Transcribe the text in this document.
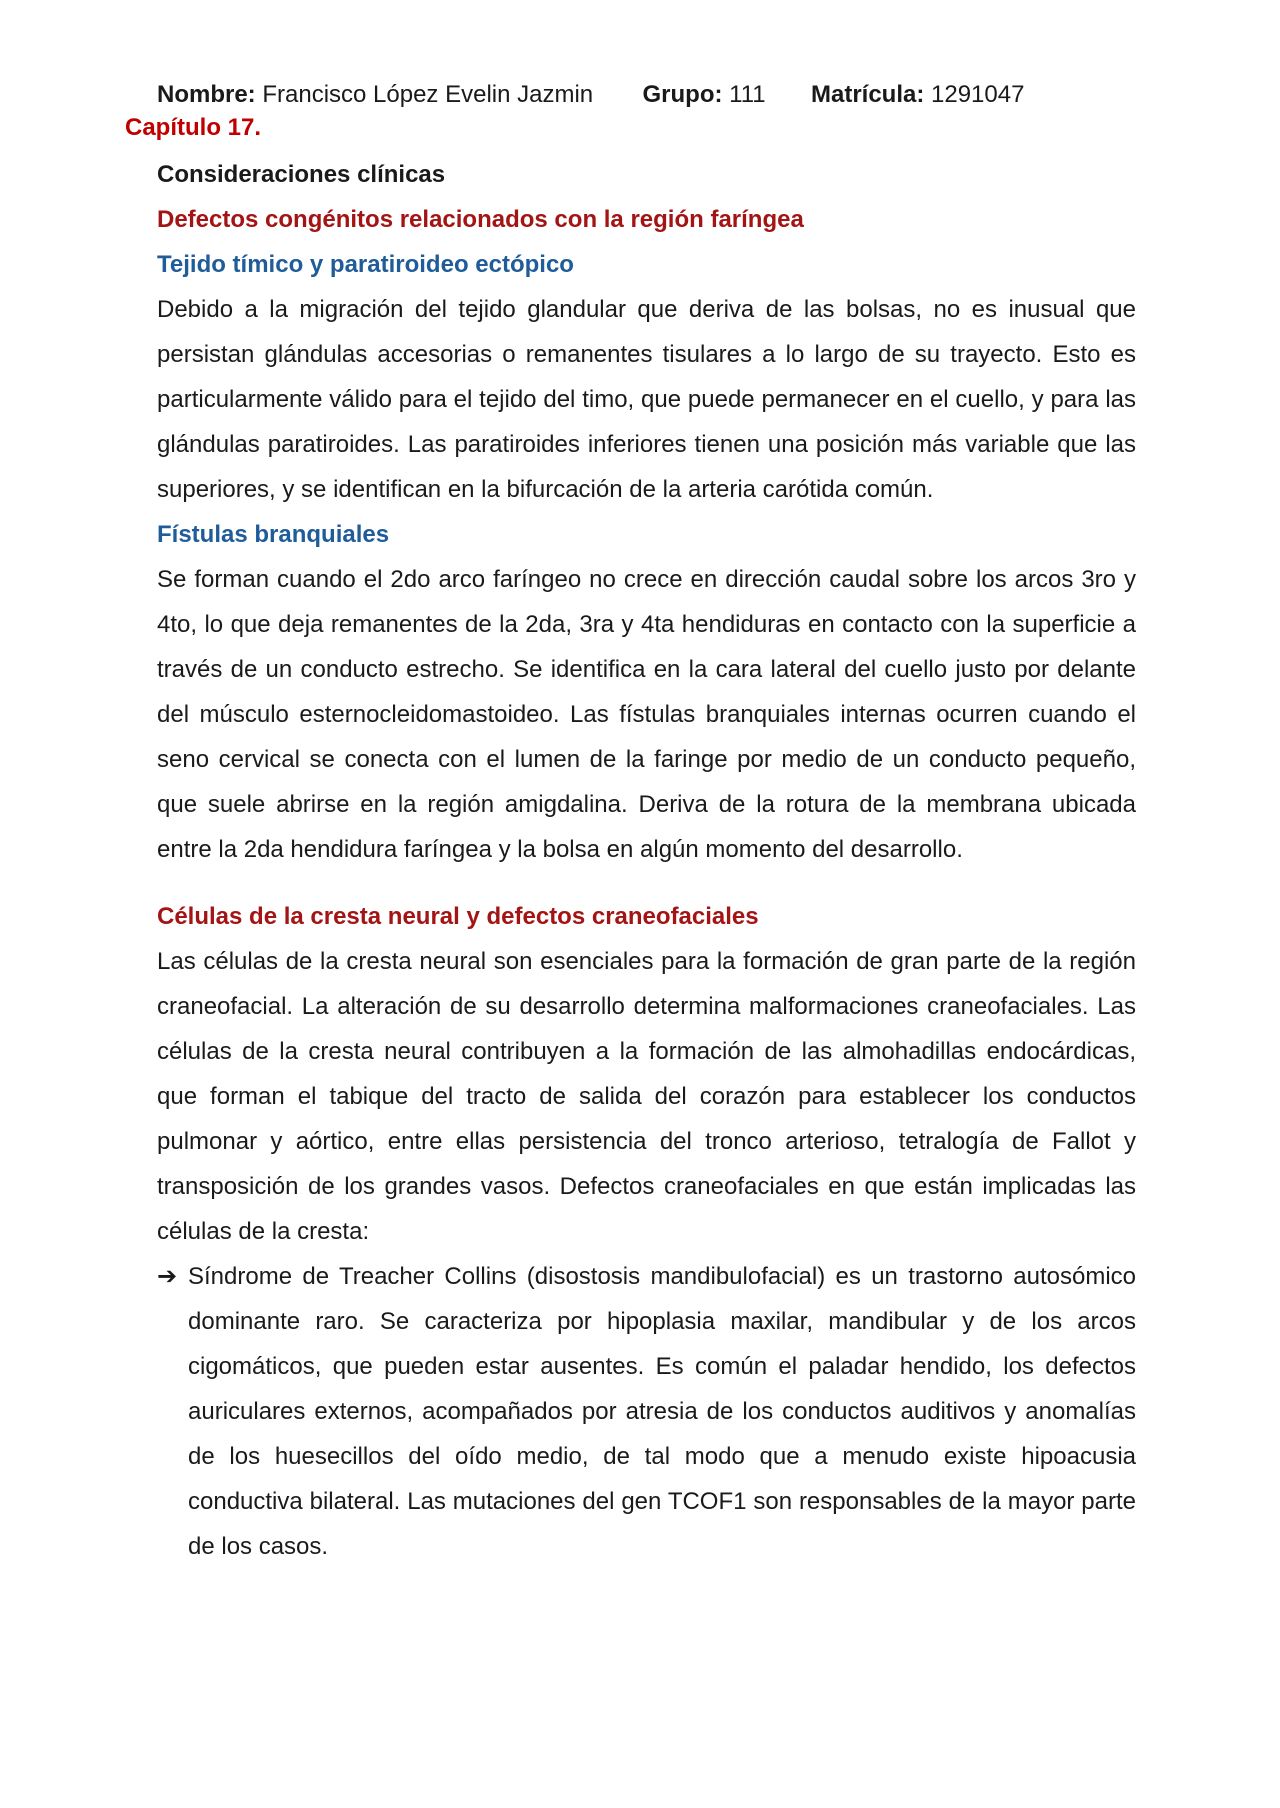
Nombre: Francisco López Evelin Jazmin Grupo: 111 Matrícula: 1291047
Capítulo 17.

Consideraciones clínicas

Defectos congénitos relacionados con la región faríngea

Tejido tímico y paratiroideo ectópico

Debido a la migración del tejido glandular que deriva de las bolsas, no es inusual que persistan glándulas accesorias o remanentes tisulares a lo largo de su trayecto. Esto es particularmente válido para el tejido del timo, que puede permanecer en el cuello, y para las glándulas paratiroides. Las paratiroides inferiores tienen una posición más variable que las superiores, y se identifican en la bifurcación de la arteria carótida común.

Fístulas branquiales

Se forman cuando el 2do arco faríngeo no crece en dirección caudal sobre los arcos 3ro y 4to, lo que deja remanentes de la 2da, 3ra y 4ta hendiduras en contacto con la superficie a través de un conducto estrecho. Se identifica en la cara lateral del cuello justo por delante del músculo esternocleidomastoideo. Las fístulas branquiales internas ocurren cuando el seno cervical se conecta con el lumen de la faringe por medio de un conducto pequeño, que suele abrirse en la región amigdalina. Deriva de la rotura de la membrana ubicada entre la 2da hendidura faríngea y la bolsa en algún momento del desarrollo.

Células de la cresta neural y defectos craneofaciales

Las células de la cresta neural son esenciales para la formación de gran parte de la región craneofacial. La alteración de su desarrollo determina malformaciones craneofaciales. Las células de la cresta neural contribuyen a la formación de las almohadillas endocárdicas, que forman el tabique del tracto de salida del corazón para establecer los conductos pulmonar y aórtico, entre ellas persistencia del tronco arterioso, tetralogía de Fallot y transposición de los grandes vasos. Defectos craneofaciales en que están implicadas las células de la cresta:

➔ Síndrome de Treacher Collins (disostosis mandibulofacial) es un trastorno autosómico dominante raro. Se caracteriza por hipoplasia maxilar, mandibular y de los arcos cigomáticos, que pueden estar ausentes. Es común el paladar hendido, los defectos auriculares externos, acompañados por atresia de los conductos auditivos y anomalías de los huesecillos del oído medio, de tal modo que a menudo existe hipoacusia conductiva bilateral. Las mutaciones del gen TCOF1 son responsables de la mayor parte de los casos.
